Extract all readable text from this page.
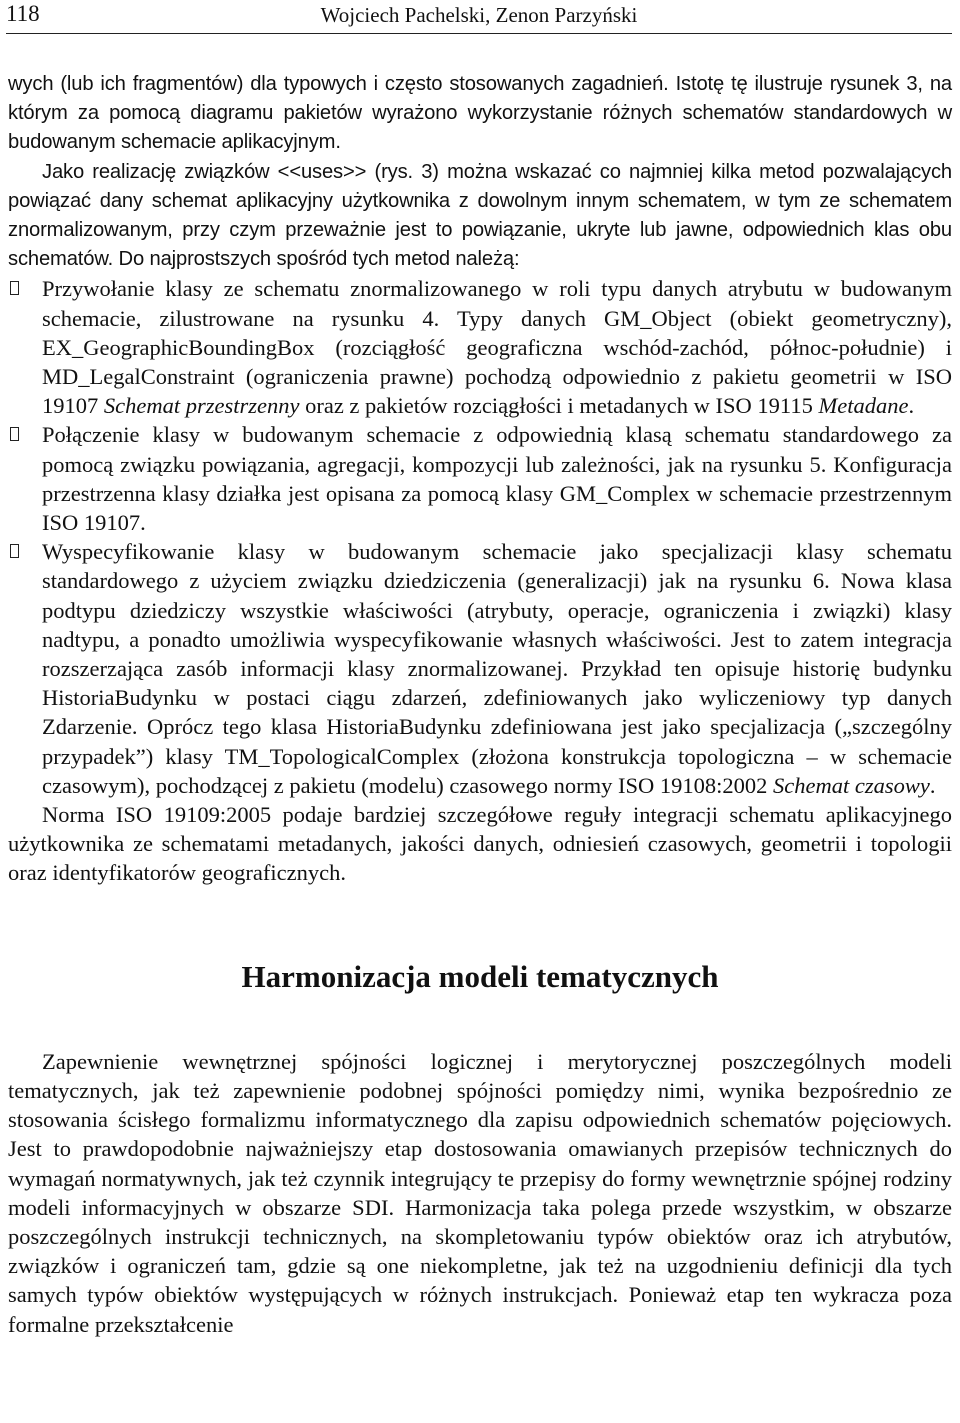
118	Wojciech Pachelski, Zenon Parzyński

wych (lub ich fragmentów) dla typowych i często stosowanych zagadnień. Istotę tę ilustruje rysunek 3, na którym za pomocą diagramu pakietów wyrażono wykorzystanie różnych schematów standardowych w budowanym schemacie aplikacyjnym.

Jako realizację związków <<uses>> (rys. 3) można wskazać co najmniej kilka metod pozwalających powiązać dany schemat aplikacyjny użytkownika z dowolnym innym schematem, w tym ze schematem znormalizowanym, przy czym przeważnie jest to powiązanie, ukryte lub jawne, odpowiednich klas obu schematów. Do najprostszych spośród tych metod należą:

Przywołanie klasy ze schematu znormalizowanego w roli typu danych atrybutu w budowanym schemacie, zilustrowane na rysunku 4. Typy danych GM_Object (obiekt geometryczny), EX_GeographicBoundingBox (rozciągłość geograficzna wschód-zachód, północ-południe) i MD_LegalConstraint (ograniczenia prawne) pochodzą odpowiednio z pakietu geometrii w ISO 19107 Schemat przestrzenny oraz z pakietów rozciągłości i metadanych w ISO 19115 Metadane.
Połączenie klasy w budowanym schemacie z odpowiednią klasą schematu standardowego za pomocą związku powiązania, agregacji, kompozycji lub zależności, jak na rysunku 5. Konfiguracja przestrzenna klasy działka jest opisana za pomocą klasy GM_Complex w schemacie przestrzennym ISO 19107.
Wyspecyfikowanie klasy w budowanym schemacie jako specjalizacji klasy schematu standardowego z użyciem związku dziedziczenia (generalizacji) jak na rysunku 6. Nowa klasa podtypu dziedziczy wszystkie właściwości (atrybuty, operacje, ograniczenia i związki) klasy nadtypu, a ponadto umożliwia wyspecyfikowanie własnych właściwości. Jest to zatem integracja rozszerzająca zasób informacji klasy znormalizowanej. Przykład ten opisuje historię budynku HistoriaBudynku w postaci ciągu zdarzeń, zdefiniowanych jako wyliczeniowy typ danych Zdarzenie. Oprócz tego klasa HistoriaBudynku zdefiniowana jest jako specjalizacja („szczególny przypadek”) klasy TM_TopologicalComplex (złożona konstrukcja topologiczna – w schemacie czasowym), pochodzącej z pakietu (modelu) czasowego normy ISO 19108:2002 Schemat czasowy.

Norma ISO 19109:2005 podaje bardziej szczegółowe reguły integracji schematu aplikacyjnego użytkownika ze schematami metadanych, jakości danych, odniesień czasowych, geometrii i topologii oraz identyfikatorów geograficznych.

Harmonizacja modeli tematycznych

Zapewnienie wewnętrznej spójności logicznej i merytorycznej poszczególnych modeli tematycznych, jak też zapewnienie podobnej spójności pomiędzy nimi, wynika bezpośrednio ze stosowania ścisłego formalizmu informatycznego dla zapisu odpowiednich schematów pojęciowych. Jest to prawdopodobnie najważniejszy etap dostosowania omawianych przepisów technicznych do wymagań normatywnych, jak też czynnik integrujący te przepisy do formy wewnętrznie spójnej rodziny modeli informacyjnych w obszarze SDI. Harmonizacja taka polega przede wszystkim, w obszarze poszczególnych instrukcji technicznych, na skompletowaniu typów obiektów oraz ich atrybutów, związków i ograniczeń tam, gdzie są one niekompletne, jak też na uzgodnieniu definicji dla tych samych typów obiektów występujących w różnych instrukcjach. Ponieważ etap ten wykracza poza formalne przekształcenie
